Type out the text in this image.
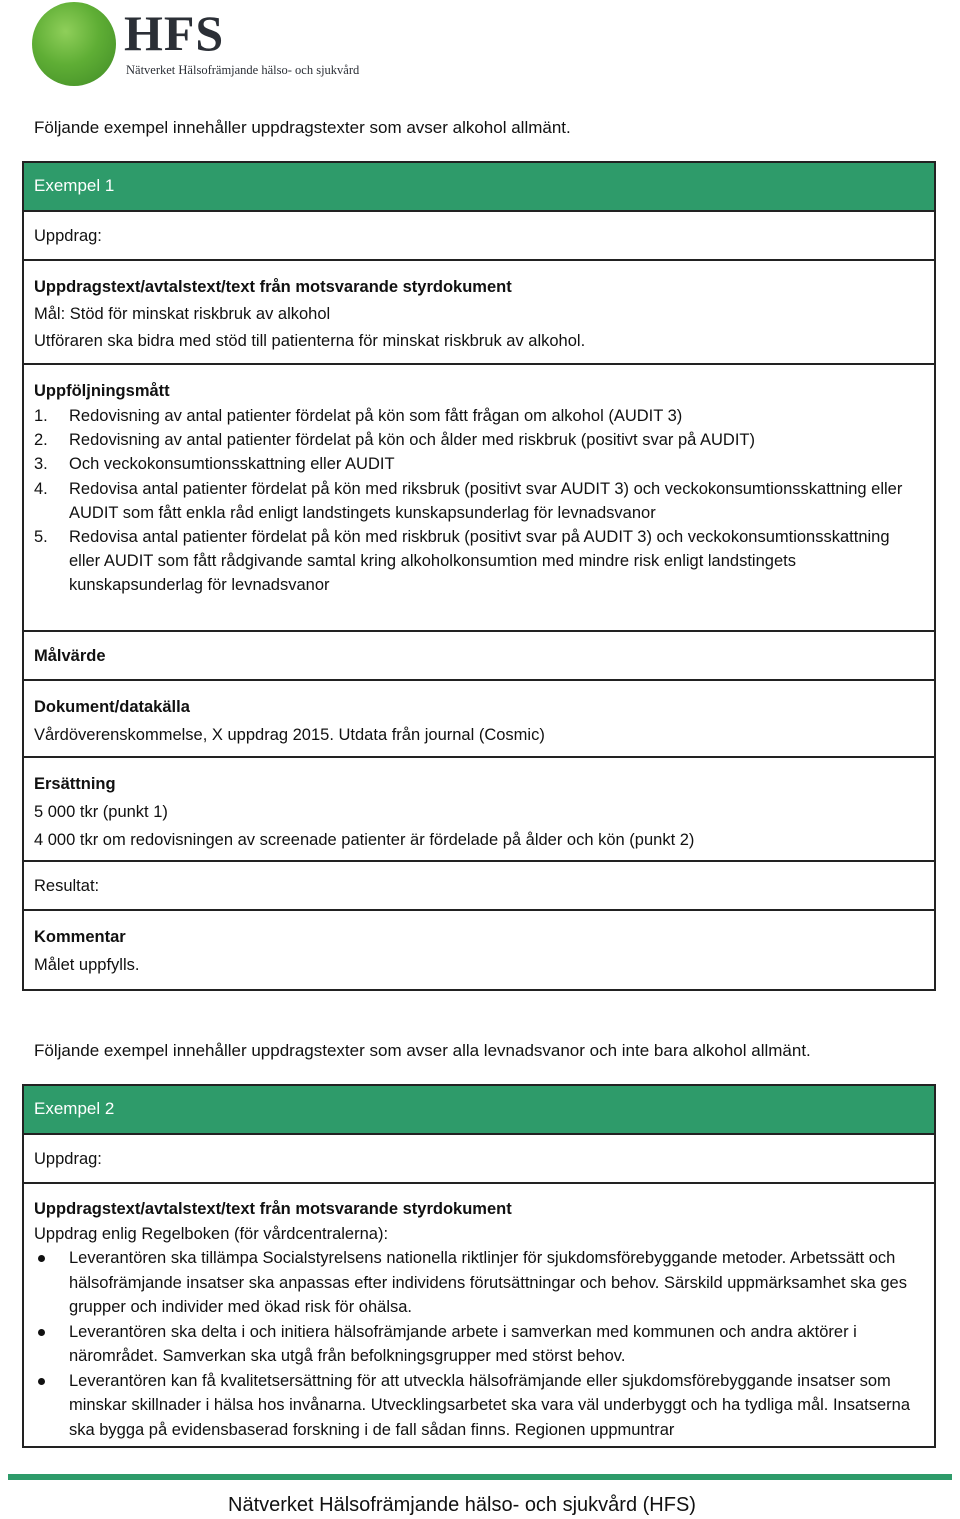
HFS
Nätverket Hälsofrämjande hälso- och sjukvård
Följande exempel innehåller uppdragstexter som avser alkohol allmänt.
Exempel 1
Uppdrag:
Uppdragstext/avtalstext/text från motsvarande styrdokument
Mål: Stöd för minskat riskbruk av alkohol
Utföraren ska bidra med stöd till patienterna för minskat riskbruk av alkohol.
Uppföljningsmått
1.	Redovisning av antal patienter fördelat på kön som fått frågan om alkohol (AUDIT 3)
2.	Redovisning av antal patienter fördelat på kön och ålder med riskbruk (positivt svar på AUDIT)
3.	Och veckokonsumtionsskattning eller AUDIT
4.	Redovisa antal patienter fördelat på kön med riksbruk (positivt svar AUDIT 3) och veckokonsumtionsskattning eller AUDIT som fått enkla råd enligt landstingets kunskapsunderlag för levnadsvanor
5.	Redovisa antal patienter fördelat på kön med riskbruk (positivt svar på AUDIT 3) och veckokonsumtionsskattning eller AUDIT som fått rådgivande samtal kring alkoholkonsumtion med mindre risk enligt landstingets kunskapsunderlag för levnadsvanor
Målvärde
Dokument/datakälla
Vårdöverenskommelse, X uppdrag 2015. Utdata från journal (Cosmic)
Ersättning
5 000 tkr (punkt 1)
4 000 tkr om redovisningen av screenade patienter är fördelade på ålder och kön (punkt 2)
Resultat:
Kommentar
Målet uppfylls.
Följande exempel innehåller uppdragstexter som avser alla levnadsvanor och inte bara alkohol allmänt.
Exempel 2
Uppdrag:
Uppdragstext/avtalstext/text från motsvarande styrdokument
Uppdrag enlig Regelboken (för vårdcentralerna):
Leverantören ska tillämpa Socialstyrelsens nationella riktlinjer för sjukdomsförebyggande metoder. Arbetssätt och hälsofrämjande insatser ska anpassas efter individens förutsättningar och behov. Särskild uppmärksamhet ska ges grupper och individer med ökad risk för ohälsa.
Leverantören ska delta i och initiera hälsofrämjande arbete i samverkan med kommunen och andra aktörer i närområdet. Samverkan ska utgå från befolkningsgrupper med störst behov.
Leverantören kan få kvalitetsersättning för att utveckla hälsofrämjande eller sjukdomsförebyggande insatser som minskar skillnader i hälsa hos invånarna. Utvecklingsarbetet ska vara väl underbyggt och ha tydliga mål. Insatserna ska bygga på evidensbaserad forskning i de fall sådan finns. Regionen uppmuntrar
Nätverket Hälsofrämjande hälso- och sjukvård (HFS)
